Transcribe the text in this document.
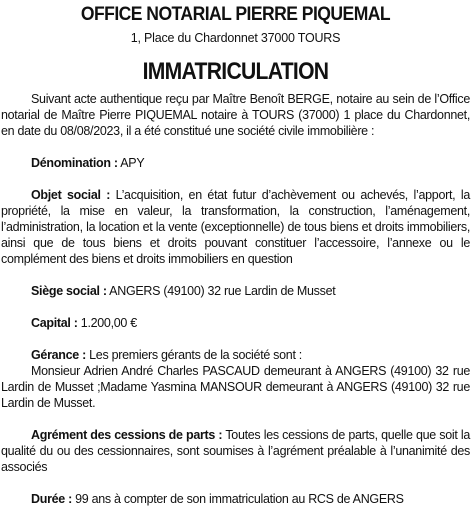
OFFICE NOTARIAL PIERRE PIQUEMAL
1, Place du Chardonnet 37000 TOURS
IMMATRICULATION

Suivant acte authentique reçu par Maître Benoît BERGE, notaire au sein de l’Office notarial de Maître Pierre PIQUEMAL notaire à TOURS (37000) 1 place du Chardonnet, en date du 08/08/2023, il a été constitué une société civile immobilière :

Dénomination : APY

Objet social : L’acquisition, en état futur d’achèvement ou achevés, l’apport, la propriété, la mise en valeur, la transformation, la construction, l’aménagement, l’administration, la location et la vente (exceptionnelle) de tous biens et droits immobiliers, ainsi que de tous biens et droits pouvant constituer l’accessoire, l’annexe ou le complément des biens et droits immobiliers en question

Siège social : ANGERS (49100) 32 rue Lardin de Musset

Capital : 1.200,00 €

Gérance : Les premiers gérants de la société sont :

Monsieur Adrien André Charles PASCAUD demeurant à ANGERS (49100) 32 rue Lardin de Musset ;Madame Yasmina MANSOUR demeurant à ANGERS (49100) 32 rue Lardin de Musset.

Agrément des cessions de parts : Toutes les cessions de parts, quelle que soit la qualité du ou des cessionnaires, sont soumises à l’agrément préalable à l’unanimité des associés

Durée : 99 ans à compter de son immatriculation au RCS de ANGERS
